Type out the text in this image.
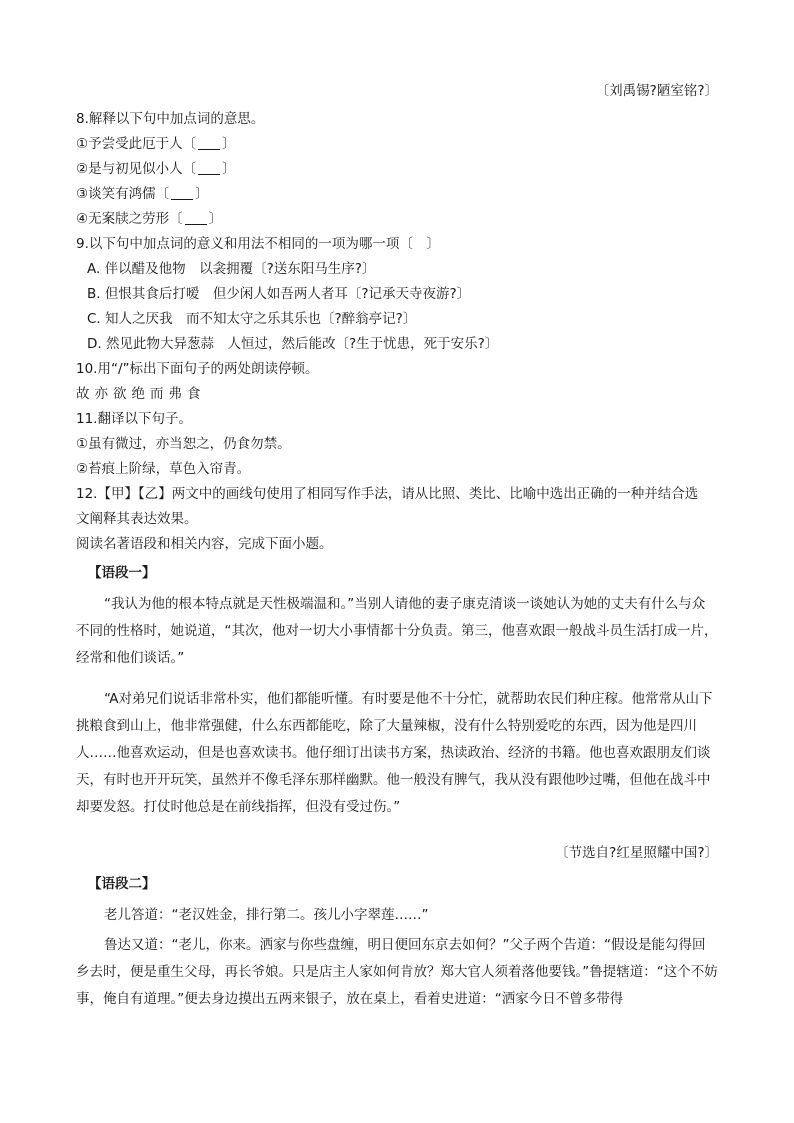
〔刘禹锡?陋室铭?〕
8.解释以下句中加点词的意思。
①予尝受此厄于人〔 〕
②是与初见似小人〔 〕
③谈笑有鸿儒〔 〕
④无案牍之劳形〔 〕
9.以下句中加点词的意义和用法不相同的一项为哪一项〔　〕
A. 伴以醋及他物　以衾拥覆〔?送东阳马生序?〕
B. 但恨其食后打嗳　但少闲人如吾两人者耳〔?记承天寺夜游?〕
C. 知人之厌我　而不知太守之乐其乐也〔?醉翁亭记?〕
D. 然见此物大异葱蒜　人恒过，然后能改〔?生于忧患，死于安乐?〕
10.用“/”标出下面句子的两处朗读停顿。
故亦欲绝而弗食
11.翻译以下句子。
①虽有微过，亦当恕之，仍食勿禁。
②苔痕上阶绿，草色入帘青。
12.【甲】【乙】两文中的画线句使用了相同写作手法，请从比照、类比、比喻中选出正确的一种并结合选
文阐释其表达效果。
阅读名著语段和相关内容，完成下面小题。
【语段一】
“我认为他的根本特点就是天性极端温和。”当别人请他的妻子康克清谈一谈她认为她的丈夫有什么与众不同的性格时，她说道，“其次，他对一切大小事情都十分负责。第三，他喜欢跟一般战斗员生活打成一片，经常和他们谈话。”
“A对弟兄们说话非常朴实，他们都能听懂。有时要是他不十分忙，就帮助农民们种庄稼。他常常从山下挑粮食到山上，他非常强健，什么东西都能吃，除了大量辣椒，没有什么特别爱吃的东西，因为他是四川人……他喜欢运动，但是也喜欢读书。他仔细订出读书方案，热读政治、经济的书籍。他也喜欢跟朋友们谈天，有时也开开玩笑，虽然并不像毛泽东那样幽默。他一般没有脾气，我从没有跟他吵过嘴，但他在战斗中却要发怒。打仗时他总是在前线指挥，但没有受过伤。”
〔节选自?红星照耀中国?〕
【语段二】
老儿答道：“老汉姓金，排行第二。孩儿小字翠莲……”
鲁达又道：“老儿，你来。洒家与你些盘缠，明日便回东京去如何？”父子两个告道：“假设是能勾得回乡去时，便是重生父母，再长爷娘。只是店主人家如何肯放？郑大官人须着落他要钱。”鲁提辖道：“这个不妨事，俺自有道理。”便去身边摸出五两来银子，放在桌上，看着史进道：“洒家今日不曾多带得
